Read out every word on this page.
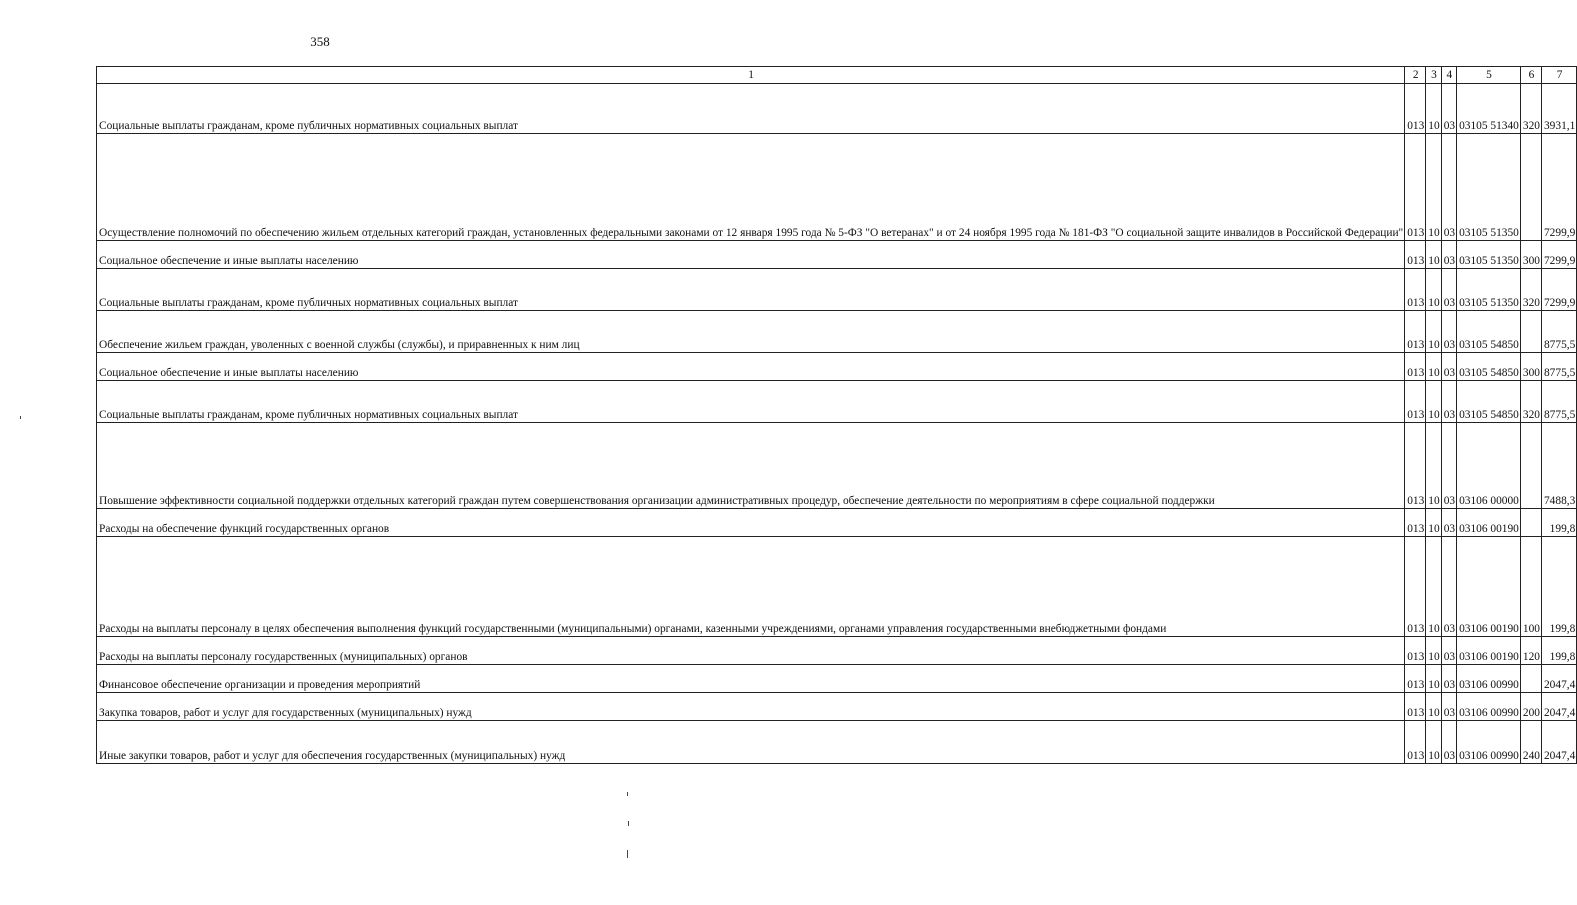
358
1	2	3	4	5	6	7
Социальные выплаты гражданам, кроме публичных нормативных социальных выплат	013	10	03	03105 51340	320	3931,1
Осуществление полномочий по обеспечению жильем отдельных категорий граждан, установленных федеральными законами от 12 января 1995 года № 5-ФЗ "О ветеранах" и от 24 ноября 1995 года № 181-ФЗ "О социальной защите инвалидов в Российской Федерации"	013	10	03	03105 51350		7299,9
Социальное обеспечение и иные выплаты населению	013	10	03	03105 51350	300	7299,9
Социальные выплаты гражданам, кроме публичных нормативных социальных выплат	013	10	03	03105 51350	320	7299,9
Обеспечение жильем граждан, уволенных с военной службы (службы), и приравненных к ним лиц	013	10	03	03105 54850		8775,5
Социальное обеспечение и иные выплаты населению	013	10	03	03105 54850	300	8775,5
Социальные выплаты гражданам, кроме публичных нормативных социальных выплат	013	10	03	03105 54850	320	8775,5
Повышение эффективности социальной поддержки отдельных категорий граждан путем совершенствования организации административных процедур, обеспечение деятельности по мероприятиям в сфере социальной поддержки	013	10	03	03106 00000		7488,3
Расходы на обеспечение функций государственных органов	013	10	03	03106 00190		199,8
Расходы на выплаты персоналу в целях обеспечения выполнения функций государственными (муниципальными) органами, казенными учреждениями, органами управления государственными внебюджетными фондами	013	10	03	03106 00190	100	199,8
Расходы на выплаты персоналу государственных (муниципальных) органов	013	10	03	03106 00190	120	199,8
Финансовое обеспечение организации и проведения мероприятий	013	10	03	03106 00990		2047,4
Закупка товаров, работ и услуг для государственных (муниципальных) нужд	013	10	03	03106 00990	200	2047,4
Иные закупки товаров, работ и услуг для обеспечения государственных (муниципальных) нужд	013	10	03	03106 00990	240	2047,4
